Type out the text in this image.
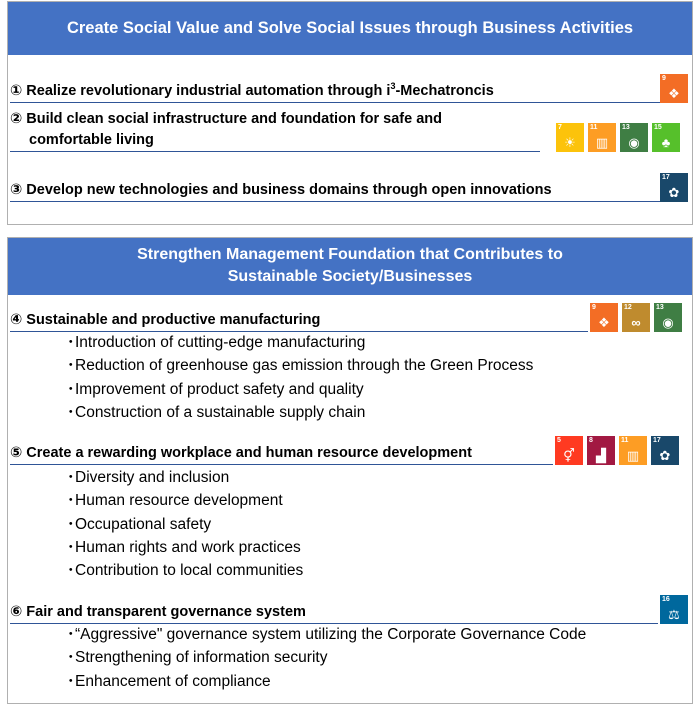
Create Social Value and Solve Social Issues through Business Activities
① Realize revolutionary industrial automation through $i^3$-Mechatroncis
9
❖
② Build clean social infrastructure and foundation for safe and
comfortable living
7
☀
11
▥
13
◉
15
♣
③ Develop new technologies and business domains through open innovations
17
✿
Strengthen Management Foundation that Contributes to
Sustainable Society/Businesses
④ Sustainable and productive manufacturing
9
❖
12
∞
13
◉
・ Introduction of cutting-edge manufacturing
・ Reduction of greenhouse gas emission through the Green Process
・ Improvement of product safety and quality
・ Construction of a sustainable supply chain
⑤ Create a rewarding workplace and human resource development
5
⚥
8
▟
11
▥
17
✿
・ Diversity and inclusion
・ Human resource development
・ Occupational safety
・ Human rights and work practices
・ Contribution to local communities
⑥ Fair and transparent governance system
16
⚖
・ “Aggressive" governance system utilizing the Corporate Governance Code
・ Strengthening of information security
・ Enhancement of compliance
